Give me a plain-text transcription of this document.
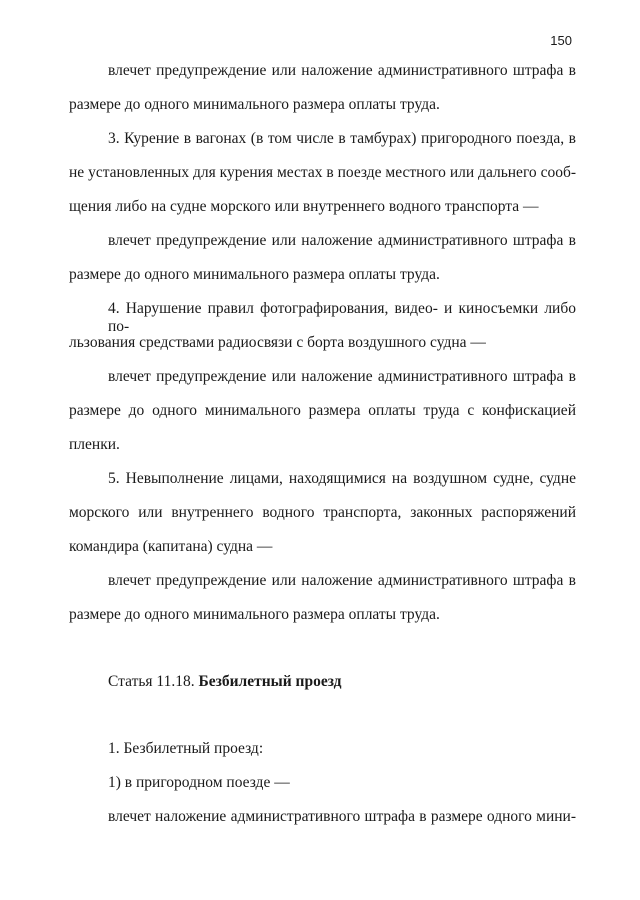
150
влечет предупреждение или наложение административного штрафа в
размере до одного минимального размера оплаты труда.
3. Курение в вагонах (в том числе в тамбурах) пригородного поезда, в
не установленных для курения местах в поезде местного или дальнего сооб-
щения либо на судне морского или внутреннего водного транспорта —
влечет предупреждение или наложение административного штрафа в
размере до одного минимального размера оплаты труда.
4. Нарушение правил фотографирования, видео- и киносъемки либо по-
льзования средствами радиосвязи с борта воздушного судна —
влечет предупреждение или наложение административного штрафа в
размере до одного минимального размера оплаты труда с конфискацией
пленки.
5. Невыполнение лицами, находящимися на воздушном судне, судне
морского или внутреннего водного транспорта, законных распоряжений
командира (капитана) судна —
влечет предупреждение или наложение административного штрафа в
размере до одного минимального размера оплаты труда.
Статья 11.18. Безбилетный проезд
1. Безбилетный проезд:
1) в пригородном поезде —
влечет наложение административного штрафа в размере одного мини-
